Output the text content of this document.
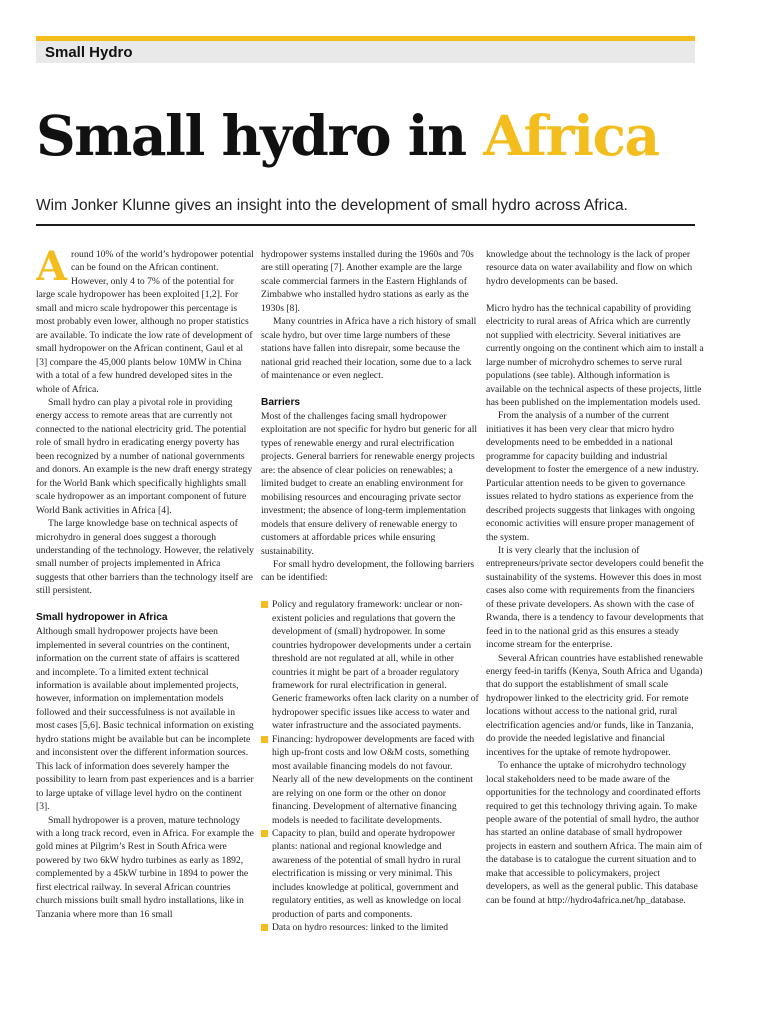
Small Hydro
Small hydro in Africa

Wim Jonker Klunne gives an insight into the development of small hydro across Africa.

Around 10% of the world’s hydropower potential can be found on the African continent. However, only 4 to 7% of the potential for large scale hydropower has been exploited [1,2]. For small and micro scale hydropower this percentage is most probably even lower, although no proper statistics are available. To indicate the low rate of development of small hydropower on the African continent, Gaul et al [3] compare the 45,000 plants below 10MW in China with a total of a few hundred developed sites in the whole of Africa.

Small hydro can play a pivotal role in providing energy access to remote areas that are currently not connected to the national electricity grid. The potential role of small hydro in eradicating energy poverty has been recognized by a number of national governments and donors. An example is the new draft energy strategy for the World Bank which specifically highlights small scale hydropower as an important component of future World Bank activities in Africa [4].

The large knowledge base on technical aspects of microhydro in general does suggest a thorough understanding of the technology. However, the relatively small number of projects implemented in Africa suggests that other barriers than the technology itself are still persistent.

Small hydropower in Africa

Although small hydropower projects have been implemented in several countries on the continent, information on the current state of affairs is scattered and incomplete. To a limited extent technical information is available about implemented projects, however, information on implementation models followed and their successfulness is not available in most cases [5,6]. Basic technical information on existing hydro stations might be available but can be incomplete and inconsistent over the different information sources. This lack of information does severely hamper the possibility to learn from past experiences and is a barrier to large uptake of village level hydro on the continent [3].

Small hydropower is a proven, mature technology with a long track record, even in Africa. For example the gold mines at Pilgrim’s Rest in South Africa were powered by two 6kW hydro turbines as early as 1892, complemented by a 45kW turbine in 1894 to power the first electrical railway. In several African countries church missions built small hydro installations, like in Tanzania where more than 16 small

hydropower systems installed during the 1960s and 70s are still operating [7]. Another example are the large scale commercial farmers in the Eastern Highlands of Zimbabwe who installed hydro stations as early as the 1930s [8].

Many countries in Africa have a rich history of small scale hydro, but over time large numbers of these stations have fallen into disrepair, some because the national grid reached their location, some due to a lack of maintenance or even neglect.

Barriers

Most of the challenges facing small hydropower exploitation are not specific for hydro but generic for all types of renewable energy and rural electrification projects. General barriers for renewable energy projects are: the absence of clear policies on renewables; a limited budget to create an enabling environment for mobilising resources and encouraging private sector investment; the absence of long-term implementation models that ensure delivery of renewable energy to customers at affordable prices while ensuring sustainability.

For small hydro development, the following barriers can be identified:

Policy and regulatory framework: unclear or non-existent policies and regulations that govern the development of (small) hydropower. In some countries hydropower developments under a certain threshold are not regulated at all, while in other countries it might be part of a broader regulatory framework for rural electrification in general. Generic frameworks often lack clarity on a number of hydropower specific issues like access to water and water infrastructure and the associated payments.

Financing: hydropower developments are faced with high up-front costs and low O&M costs, something most available financing models do not favour. Nearly all of the new developments on the continent are relying on one form or the other on donor financing. Development of alternative financing models is needed to facilitate developments.

Capacity to plan, build and operate hydropower plants: national and regional knowledge and awareness of the potential of small hydro in rural electrification is missing or very minimal. This includes knowledge at political, government and regulatory entities, as well as knowledge on local production of parts and components.

Data on hydro resources: linked to the limited

knowledge about the technology is the lack of proper resource data on water availability and flow on which hydro developments can be based.

Micro hydro has the technical capability of providing electricity to rural areas of Africa which are currently not supplied with electricity. Several initiatives are currently ongoing on the continent which aim to install a large number of microhydro schemes to serve rural populations (see table). Although information is available on the technical aspects of these projects, little has been published on the implementation models used.

From the analysis of a number of the current initiatives it has been very clear that micro hydro developments need to be embedded in a national programme for capacity building and industrial development to foster the emergence of a new industry. Particular attention needs to be given to governance issues related to hydro stations as experience from the described projects suggests that linkages with ongoing economic activities will ensure proper management of the system.

It is very clearly that the inclusion of entrepreneurs/private sector developers could benefit the sustainability of the systems. However this does in most cases also come with requirements from the financiers of these private developers. As shown with the case of Rwanda, there is a tendency to favour developments that feed in to the national grid as this ensures a steady income stream for the enterprise.

Several African countries have established renewable energy feed-in tariffs (Kenya, South Africa and Uganda) that do support the establishment of small scale hydropower linked to the electricity grid. For remote locations without access to the national grid, rural electrification agencies and/or funds, like in Tanzania, do provide the needed legislative and financial incentives for the uptake of remote hydropower.

To enhance the uptake of microhydro technology local stakeholders need to be made aware of the opportunities for the technology and coordinated efforts required to get this technology thriving again. To make people aware of the potential of small hydro, the author has started an online database of small hydropower projects in eastern and southern Africa. The main aim of the database is to catalogue the current situation and to make that accessible to policymakers, project developers, as well as the general public. This database can be found at http://hydro4africa.net/hp_database.
